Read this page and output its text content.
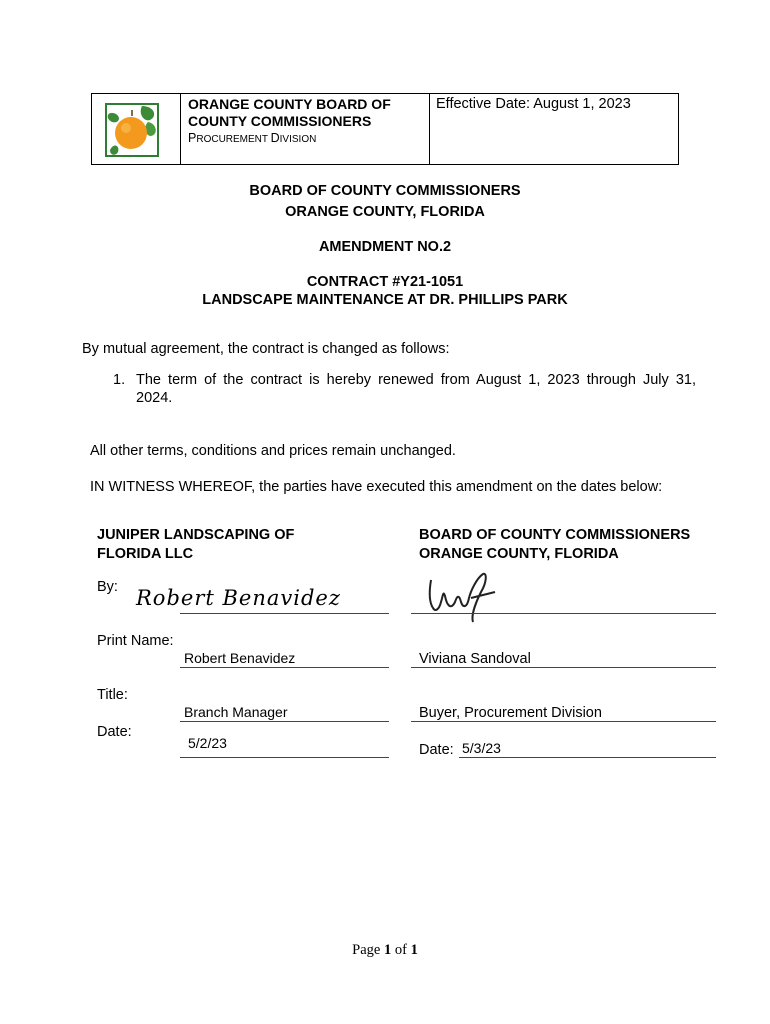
ORANGE COUNTY BOARD OF
COUNTY COMMISSIONERS
PROCUREMENT DIVISION
Effective Date: August 1, 2023
BOARD OF COUNTY COMMISSIONERS
ORANGE COUNTY, FLORIDA
AMENDMENT NO.2
CONTRACT #Y21-1051
LANDSCAPE MAINTENANCE AT DR. PHILLIPS PARK
By mutual agreement, the contract is changed as follows:
1. The term of the contract is hereby renewed from August 1, 2023 through July 31,
2024.
All other terms, conditions and prices remain unchanged.
IN WITNESS WHEREOF, the parties have executed this amendment on the dates below:
JUNIPER LANDSCAPING OF
FLORIDA LLC
BOARD OF COUNTY COMMISSIONERS
ORANGE COUNTY, FLORIDA
By: Robert Benavidez
Print Name:
Robert Benavidez	Viviana Sandoval
Title:
Branch Manager	Buyer, Procurement Division
Date:
5/2/23	Date: 5/3/23
Page 1 of 1
